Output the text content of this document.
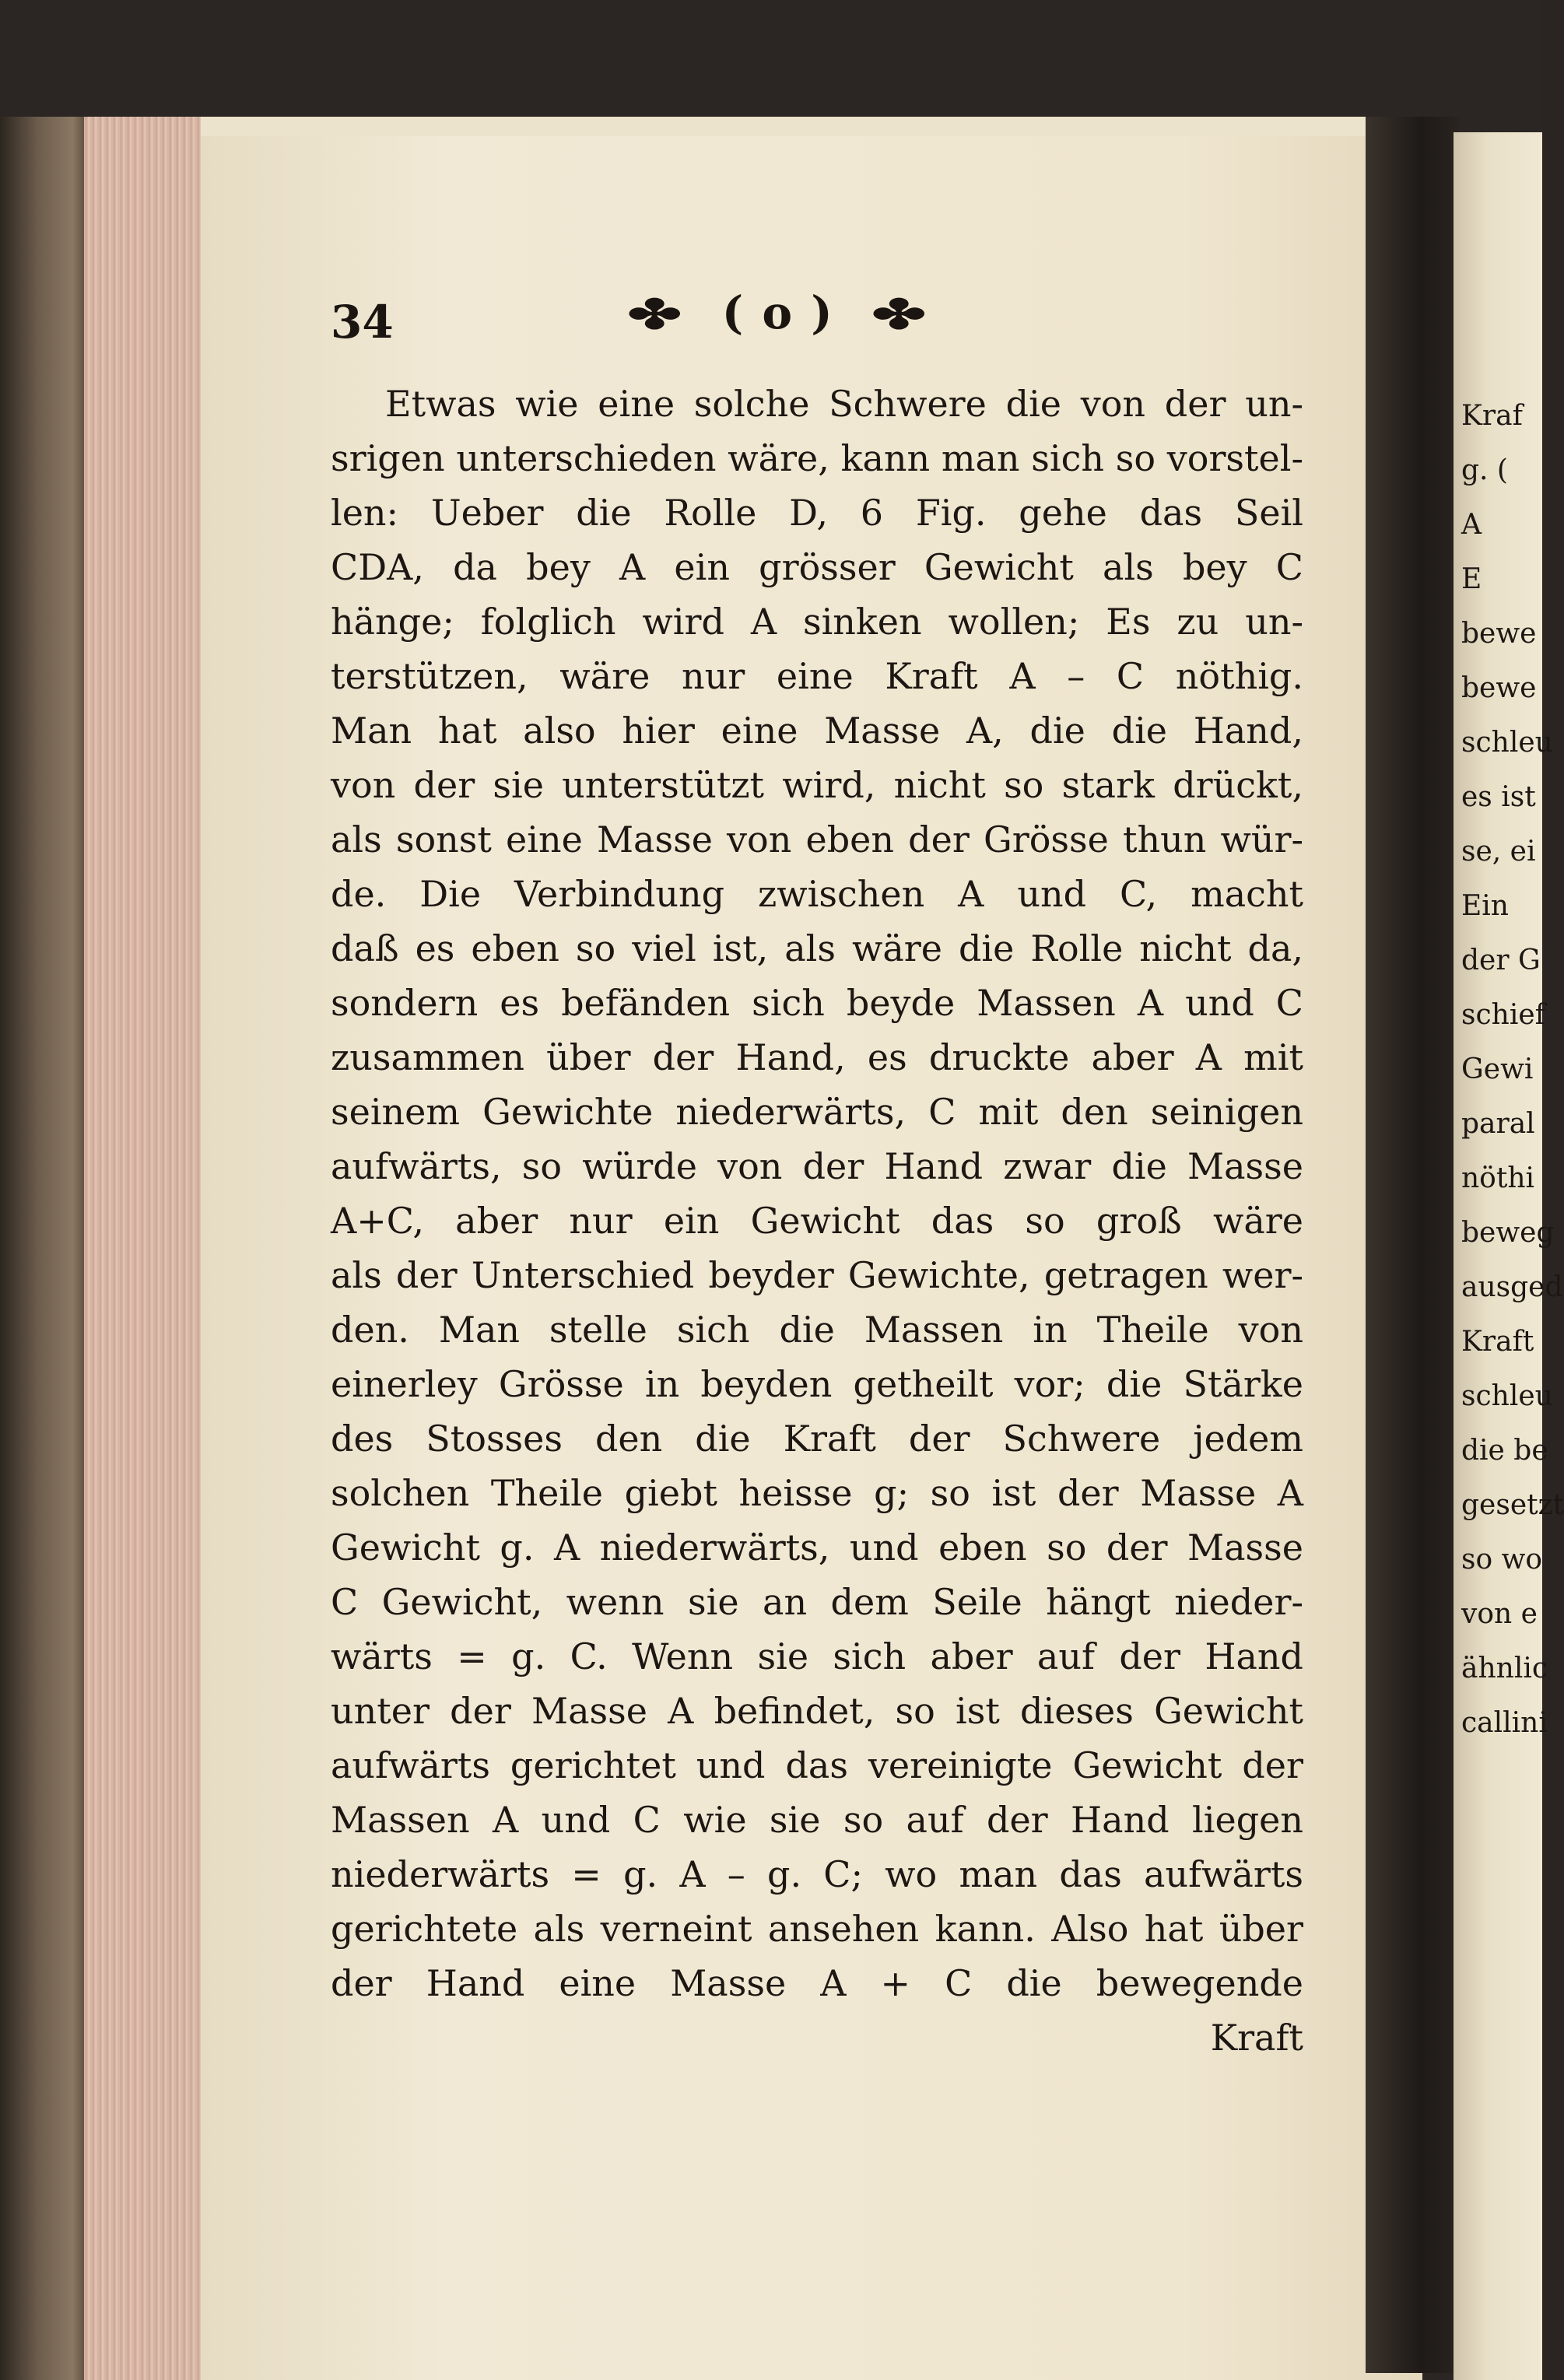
34	✤ ( o ) ✤

Etwas wie eine solche Schwere die von der un-

srigen unterschieden wäre, kann man sich so vorstel-

len: Ueber die Rolle D, 6 Fig. gehe das Seil

CDA, da bey A ein grösser Gewicht als bey C

hänge; folglich wird A sinken wollen; Es zu un-

terstützen, wäre nur eine Kraft A – C nöthig.

Man hat also hier eine Masse A, die die Hand,

von der sie unterstützt wird, nicht so stark drückt,

als sonst eine Masse von eben der Grösse thun wür-

de. Die Verbindung zwischen A und C, macht

daß es eben so viel ist, als wäre die Rolle nicht da,

sondern es befänden sich beyde Massen A und C

zusammen über der Hand, es druckte aber A mit

seinem Gewichte niederwärts, C mit den seinigen

aufwärts, so würde von der Hand zwar die Masse

A+C, aber nur ein Gewicht das so groß wäre

als der Unterschied beyder Gewichte, getragen wer-

den. Man stelle sich die Massen in Theile von

einerley Grösse in beyden getheilt vor; die Stärke

des Stosses den die Kraft der Schwere jedem

solchen Theile giebt heisse g; so ist der Masse A

Gewicht g. A niederwärts, und eben so der Masse

C Gewicht, wenn sie an dem Seile hängt nieder-

wärts = g. C. Wenn sie sich aber auf der Hand

unter der Masse A befindet, so ist dieses Gewicht

aufwärts gerichtet und das vereinigte Gewicht der

Massen A und C wie sie so auf der Hand liegen

niederwärts = g. A – g. C; wo man das aufwärts

gerichtete als verneint ansehen kann. Also hat über

der Hand eine Masse A + C die bewegende

Kraft

Kraf

g. (

A

E

bewe

bewe

schleu

es ist

se, ei

Ein

der G

schief

Gewi

paral

nöthi

beweg

ausged

Kraft

schleu

die be

gesetzt

so wo

von e

ähnlic

callini
